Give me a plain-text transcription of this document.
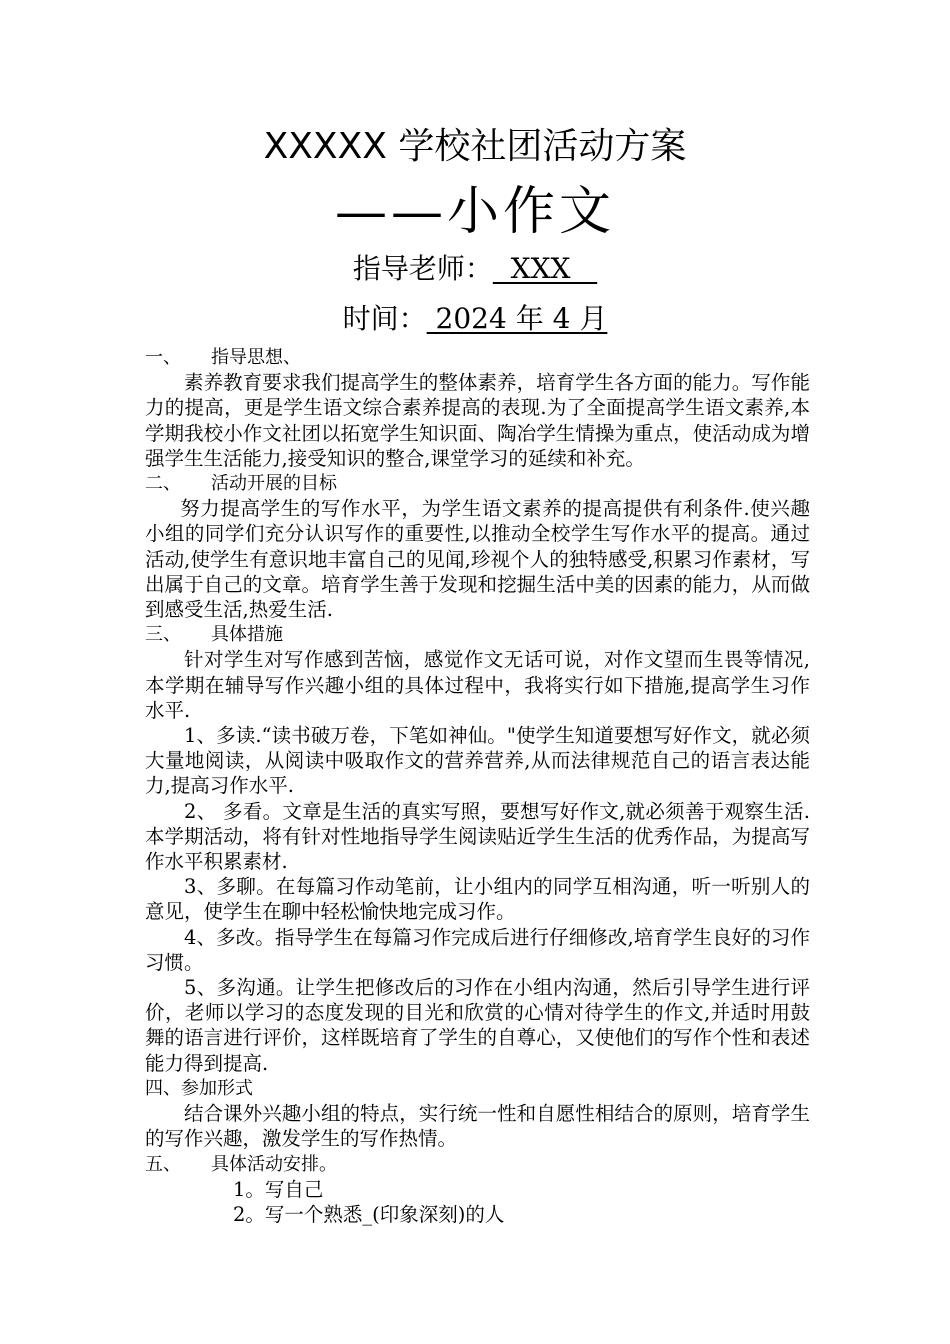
XXXXX 学校社团活动方案
——小作文
指导老师：  XXX
时间： 2024 年 4 月

一、 指导思想、

素养教育要求我们提高学生的整体素养，培育学生各方面的能力。写作能力的提高，更是学生语文综合素养提高的表现.为了全面提高学生语文素养,本学期我校小作文社团以拓宽学生知识面、陶冶学生情操为重点，使活动成为增强学生生活能力,接受知识的整合,课堂学习的延续和补充。

二、 活动开展的目标

努力提高学生的写作水平，为学生语文素养的提高提供有利条件.使兴趣小组的同学们充分认识写作的重要性,以推动全校学生写作水平的提高。通过活动,使学生有意识地丰富自己的见闻,珍视个人的独特感受,积累习作素材，写出属于自己的文章。培育学生善于发现和挖掘生活中美的因素的能力，从而做到感受生活,热爱生活.

三、 具体措施

针对学生对写作感到苦恼，感觉作文无话可说，对作文望而生畏等情况,本学期在辅导写作兴趣小组的具体过程中，我将实行如下措施,提高学生习作水平.

1、多读.“读书破万卷，下笔如神仙。"使学生知道要想写好作文，就必须大量地阅读，从阅读中吸取作文的营养营养,从而法律规范自己的语言表达能力,提高习作水平.

2、 多看。文章是生活的真实写照，要想写好作文,就必须善于观察生活.本学期活动，将有针对性地指导学生阅读贴近学生生活的优秀作品，为提高写作水平积累素材.

3、多聊。在每篇习作动笔前，让小组内的同学互相沟通，听一听别人的意见，使学生在聊中轻松愉快地完成习作。

4、多改。指导学生在每篇习作完成后进行仔细修改,培育学生良好的习作习惯。

5、多沟通。让学生把修改后的习作在小组内沟通，然后引导学生进行评价，老师以学习的态度发现的目光和欣赏的心情对待学生的作文,并适时用鼓舞的语言进行评价，这样既培育了学生的自尊心，又使他们的写作个性和表述能力得到提高.

四、参加形式

结合课外兴趣小组的特点，实行统一性和自愿性相结合的原则，培育学生的写作兴趣，激发学生的写作热情。

五、 具体活动安排。

1。写自己

2。写一个熟悉_(印象深刻)的人
